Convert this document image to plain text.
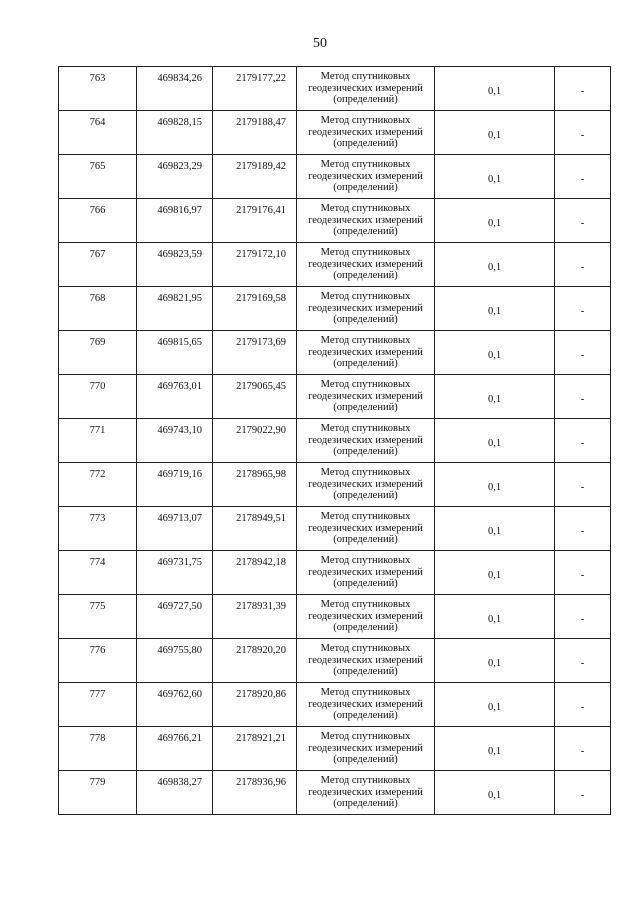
50
763	469834,26	2179177,22	Метод спутниковых
геодезических измерений
(определений)	0,1	-
764	469828,15	2179188,47	Метод спутниковых
геодезических измерений
(определений)	0,1	-
765	469823,29	2179189,42	Метод спутниковых
геодезических измерений
(определений)	0,1	-
766	469816,97	2179176,41	Метод спутниковых
геодезических измерений
(определений)	0,1	-
767	469823,59	2179172,10	Метод спутниковых
геодезических измерений
(определений)	0,1	-
768	469821,95	2179169,58	Метод спутниковых
геодезических измерений
(определений)	0,1	-
769	469815,65	2179173,69	Метод спутниковых
геодезических измерений
(определений)	0,1	-
770	469763,01	2179065,45	Метод спутниковых
геодезических измерений
(определений)	0,1	-
771	469743,10	2179022,90	Метод спутниковых
геодезических измерений
(определений)	0,1	-
772	469719,16	2178965,98	Метод спутниковых
геодезических измерений
(определений)	0,1	-
773	469713,07	2178949,51	Метод спутниковых
геодезических измерений
(определений)	0,1	-
774	469731,75	2178942,18	Метод спутниковых
геодезических измерений
(определений)	0,1	-
775	469727,50	2178931,39	Метод спутниковых
геодезических измерений
(определений)	0,1	-
776	469755,80	2178920,20	Метод спутниковых
геодезических измерений
(определений)	0,1	-
777	469762,60	2178920,86	Метод спутниковых
геодезических измерений
(определений)	0,1	-
778	469766,21	2178921,21	Метод спутниковых
геодезических измерений
(определений)	0,1	-
779	469838,27	2178936,96	Метод спутниковых
геодезических измерений
(определений)	0,1	-
